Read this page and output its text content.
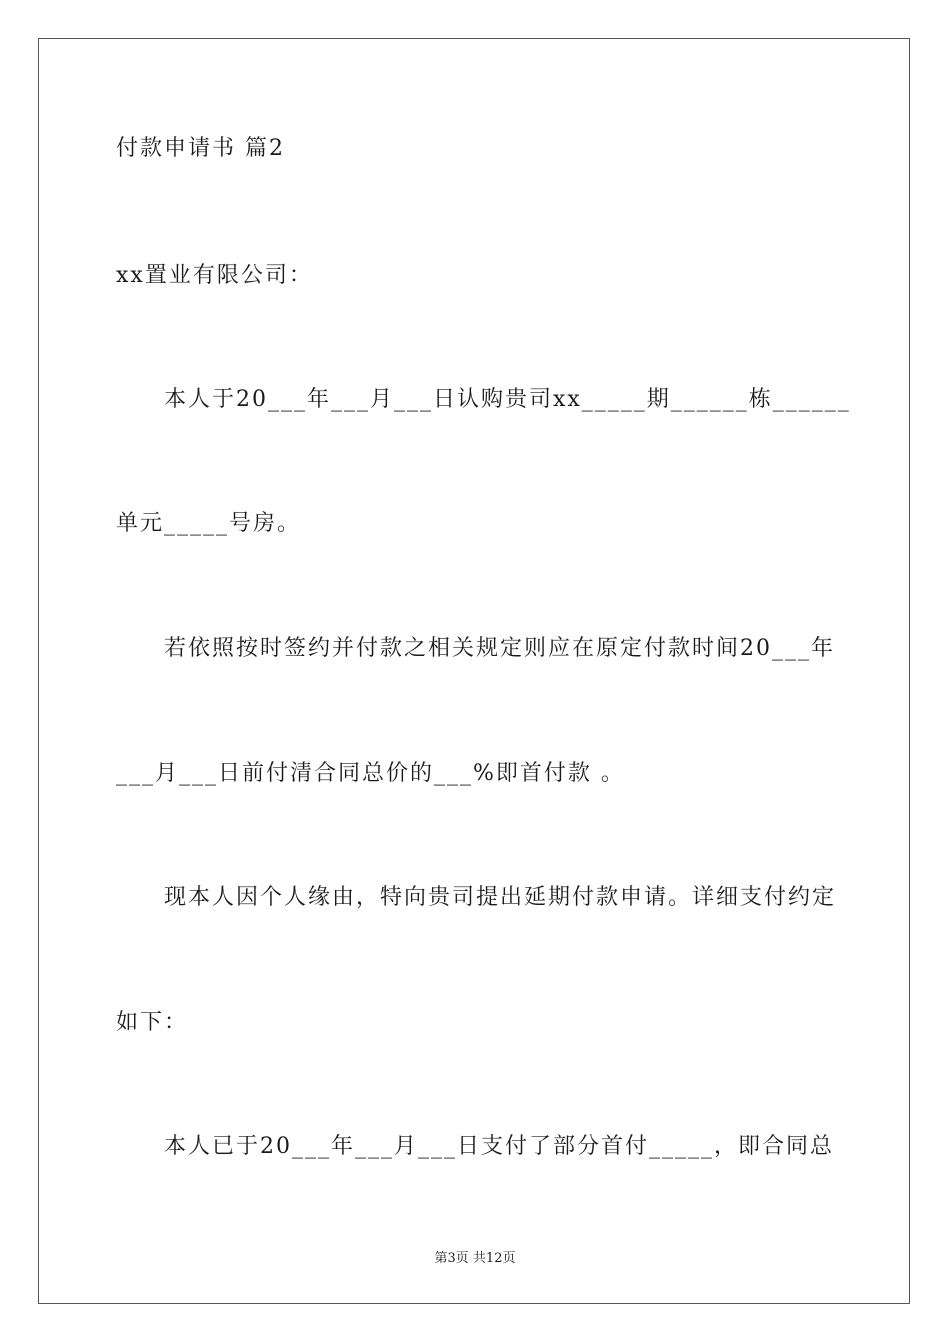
付款申请书 篇2
xx置业有限公司：
本人于20___年___月___日认购贵司xx_____期______栋______
单元_____号房。
若依照按时签约并付款之相关规定则应在原定付款时间20___年
___月___日前付清合同总价的___%即首付款 。
现本人因个人缘由，特向贵司提出延期付款申请。详细支付约定
如下：
本人已于20___年___月___日支付了部分首付_____，即合同总
第3页 共12页
